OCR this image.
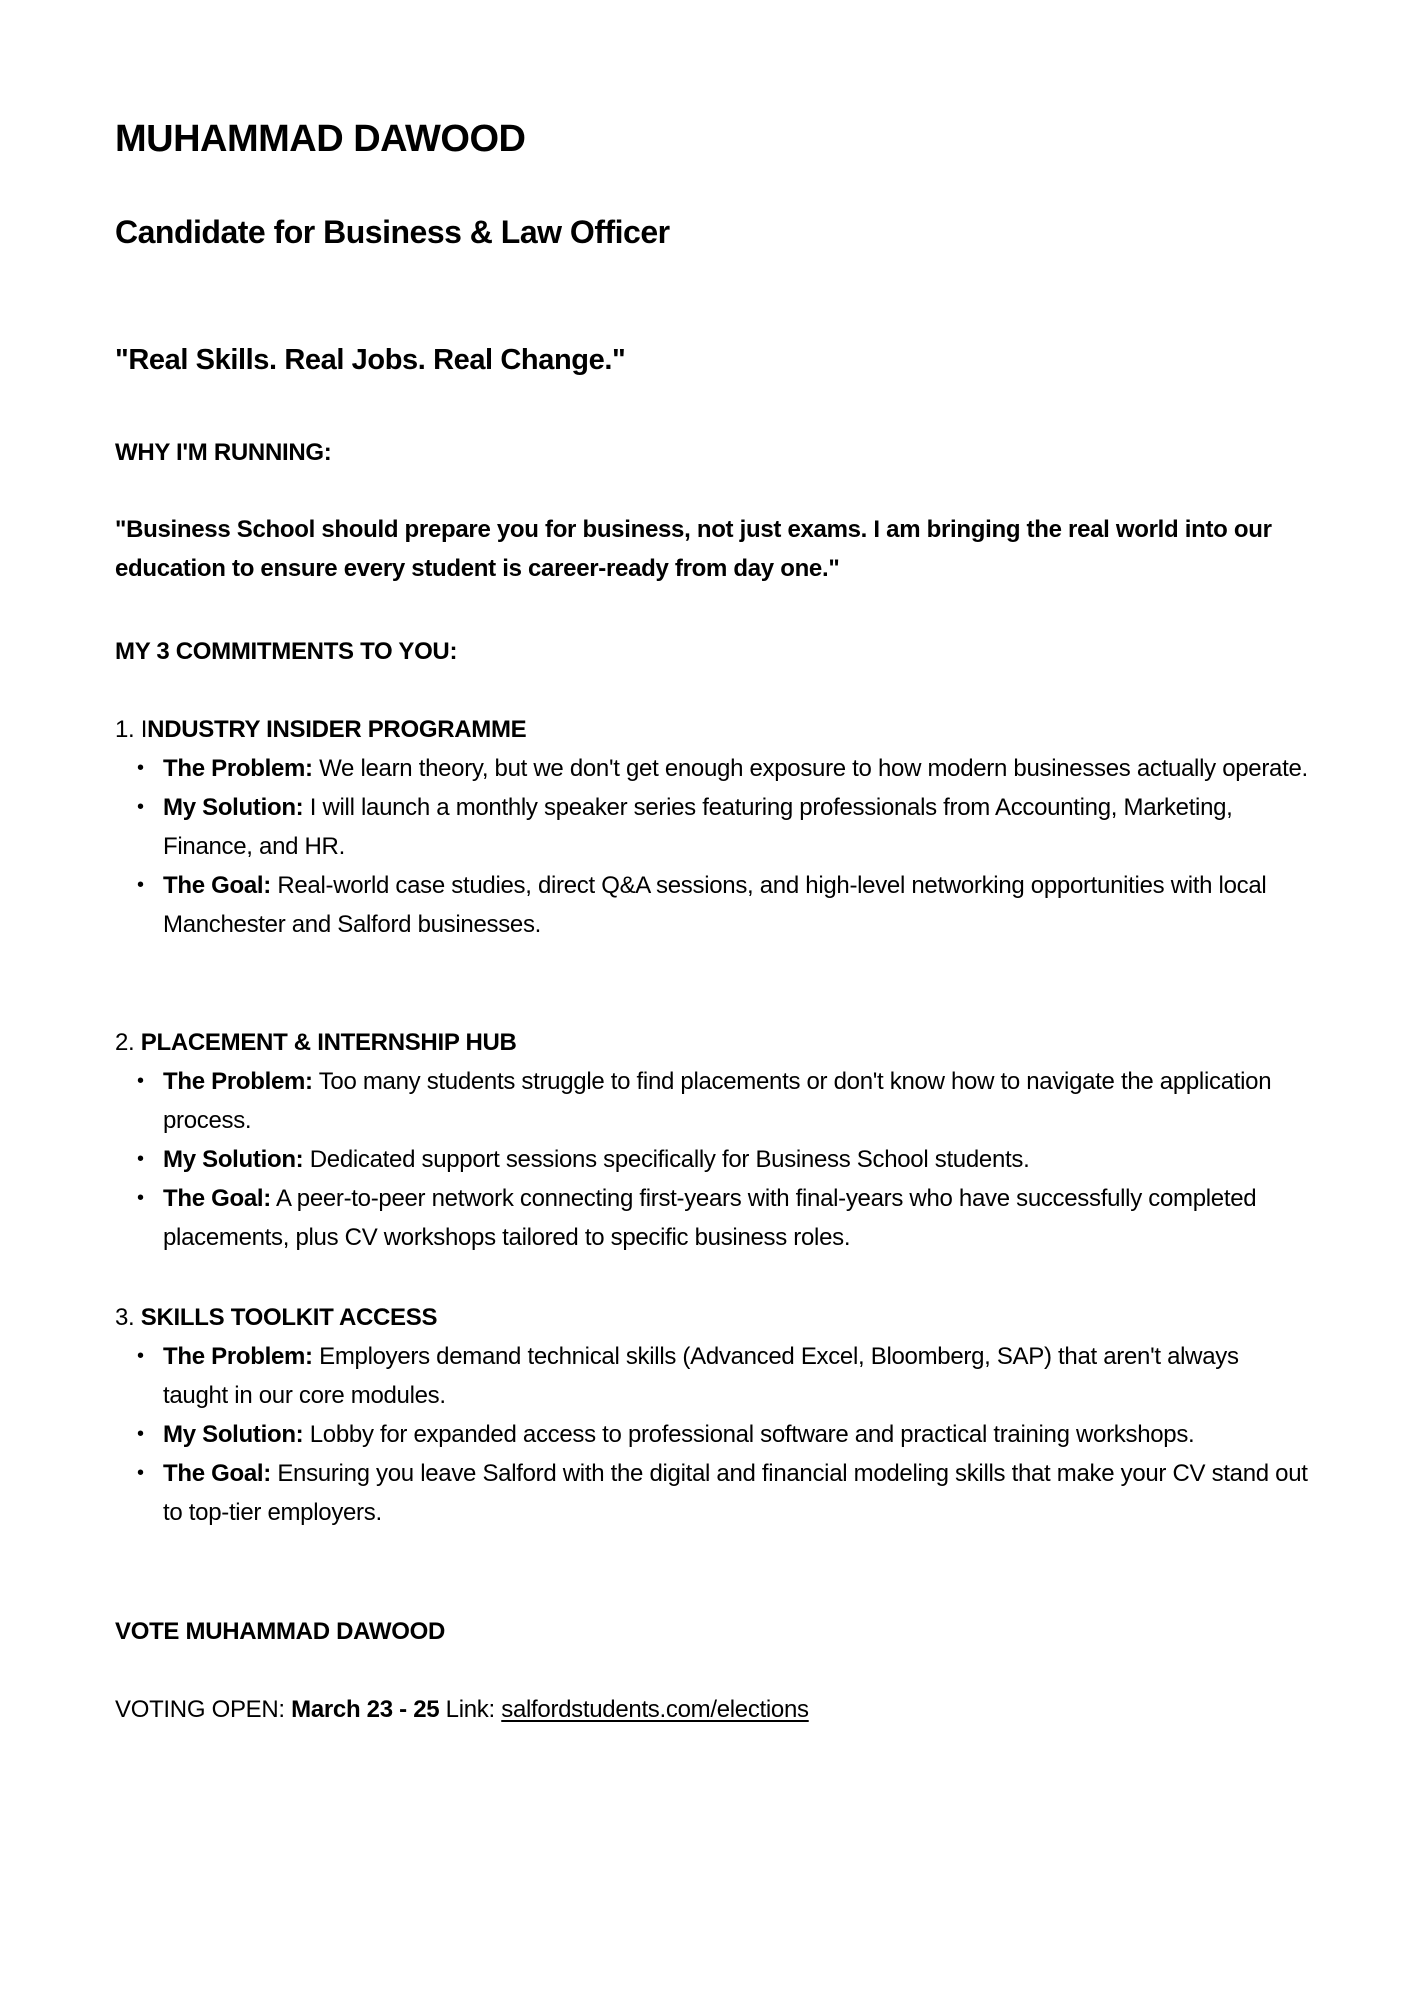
MUHAMMAD DAWOOD
Candidate for Business & Law Officer
"Real Skills. Real Jobs. Real Change."

WHY I'M RUNNING:

"Business School should prepare you for business, not just exams. I am bringing the real world into our education to ensure every student is career-ready from day one."

MY 3 COMMITMENTS TO YOU:

1. INDUSTRY INSIDER PROGRAMME

• The Problem: We learn theory, but we don't get enough exposure to how modern businesses actually operate.
• My Solution: I will launch a monthly speaker series featuring professionals from Accounting, Marketing, Finance, and HR.
• The Goal: Real-world case studies, direct Q&A sessions, and high-level networking opportunities with local Manchester and Salford businesses.

2. PLACEMENT & INTERNSHIP HUB

• The Problem: Too many students struggle to find placements or don't know how to navigate the application process.
• My Solution: Dedicated support sessions specifically for Business School students.
• The Goal: A peer-to-peer network connecting first-years with final-years who have successfully completed placements, plus CV workshops tailored to specific business roles.

3. SKILLS TOOLKIT ACCESS

• The Problem: Employers demand technical skills (Advanced Excel, Bloomberg, SAP) that aren't always taught in our core modules.
• My Solution: Lobby for expanded access to professional software and practical training workshops.
• The Goal: Ensuring you leave Salford with the digital and financial modeling skills that make your CV stand out to top-tier employers.

VOTE MUHAMMAD DAWOOD

VOTING OPEN: March 23 - 25 Link: salfordstudents.com/elections
